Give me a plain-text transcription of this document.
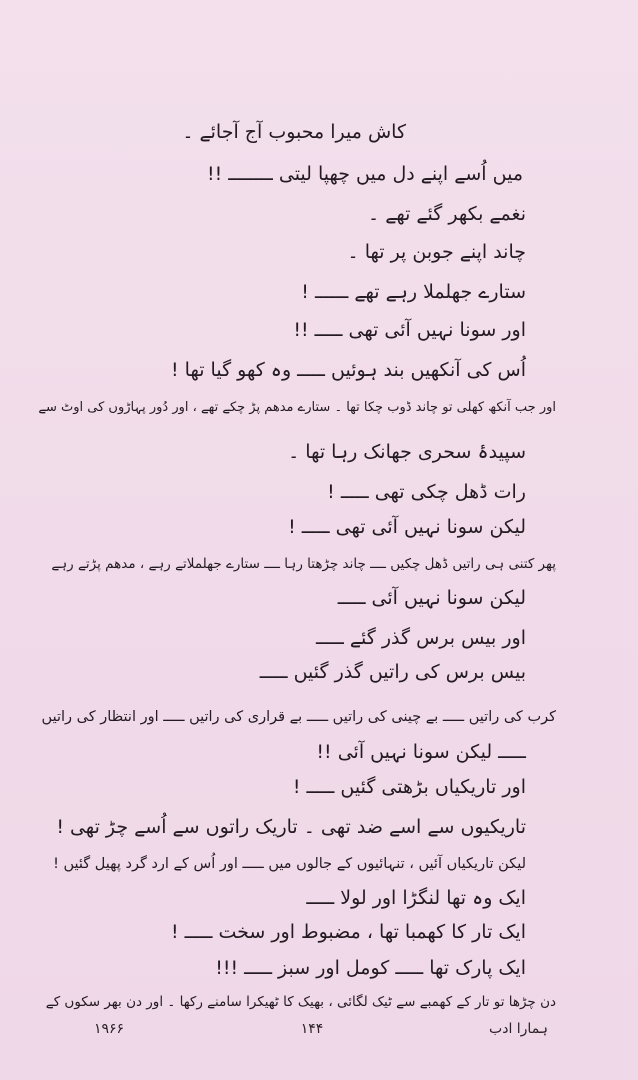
کاش میرا محبوب آج آجائے ۔
میں اُسے اپنے دل میں چھپا لیتی ــــــــ !!
نغمے بکھر گئے تھے ۔
چاند اپنے جوبن پر تھا ۔
ستارے جھلملا رہے تھے ــــــ !
اور سونا نہیں آئی تھی ـــــ !!
اُس کی آنکھیں بند ہوئیں ـــــ وہ کھو گیا تھا !
اور جب آنکھ کھلی تو چاند ڈوب چکا تھا ۔ ستارے مدھم پڑ چکے تھے ، اور دُور پہاڑوں کی اوٹ سے
سپیدۂ سحری جھانک رہا تھا ۔
رات ڈھل چکی تھی ـــــ !
لیکن سونا نہیں آئی تھی ـــــ !
پھر کتنی ہی راتیں ڈھل چکیں ــــ چاند چڑھتا رہا ــــ ستارے جھلملاتے رہے ، مدھم پڑتے رہے
لیکن سونا نہیں آئی ـــــ
اور بیس برس گذر گئے ـــــ
بیس برس کی راتیں گذر گئیں ـــــ
کرب کی راتیں ـــــ بے چینی کی راتیں ـــــ بے قراری کی راتیں ـــــ اور انتظار کی راتیں
ـــــ لیکن سونا نہیں آئی !!
اور تاریکیاں بڑھتی گئیں ـــــ !
تاریکیوں سے اسے ضد تھی ۔ تاریک راتوں سے اُسے چڑ تھی !
لیکن تاریکیاں آئیں ، تنہائیوں کے جالوں میں ـــــ اور اُس کے ارد گرد پھیل گئیں !
ایک وہ تھا لنگڑا اور لولا ـــــ
ایک تار کا کھمبا تھا ، مضبوط اور سخت ـــــ !
ایک پارک تھا ـــــ کومل اور سبز ـــــ !!!
دن چڑھا تو تار کے کھمبے سے ٹیک لگائی ، بھیک کا ٹھیکرا سامنے رکھا ۔ اور دن بھر سکوں کے
۱۹۶۶	۱۴۴	ہمارا ادب
